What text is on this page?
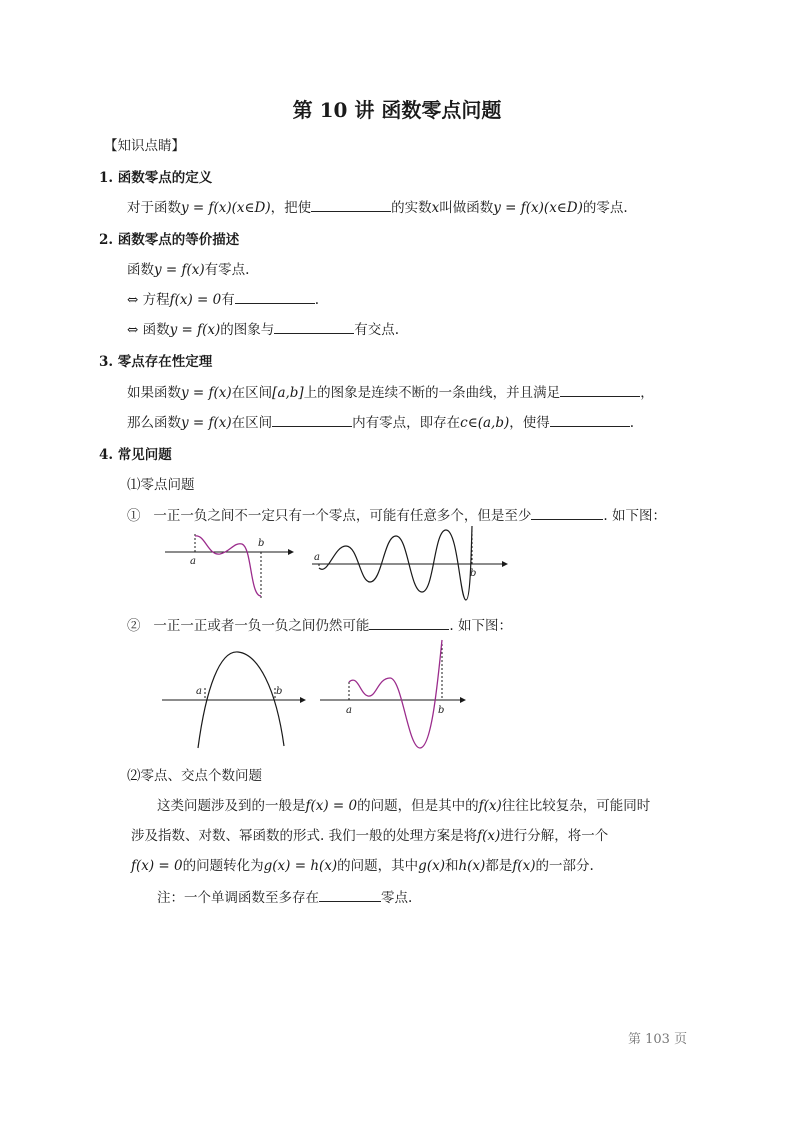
第 10 讲 函数零点问题
【知识点睛】
1. 函数零点的定义
对于函数y = f(x)(x∈D)，把使	的实数x叫做函数y = f(x)(x∈D)的零点.
2. 函数零点的等价描述
函数y = f(x)有零点.
⇔ 方程f(x) = 0有	.
⇔ 函数y = f(x)的图象与	有交点.
3. 零点存在性定理
如果函数y = f(x)在区间[a,b]上的图象是连续不断的一条曲线，并且满足	，
那么函数y = f(x)在区间	内有零点，即存在c∈(a,b)，使得	.
4. 常见问题
⑴零点问题
① 一正一负之间不一定只有一个零点，可能有任意多个，但是至少	. 如下图：
a
b
a
b
② 一正一正或者一负一负之间仍然可能	. 如下图：
a	b
a	b
⑵零点、交点个数问题
这类问题涉及到的一般是f(x) = 0的问题，但是其中的f(x)往往比较复杂，可能同时
涉及指数、对数、幂函数的形式. 我们一般的处理方案是将f(x)进行分解，将一个
f(x) = 0的问题转化为g(x) = h(x)的问题，其中g(x)和h(x)都是f(x)的一部分.
注：一个单调函数至多存在	零点.
第 103 页
